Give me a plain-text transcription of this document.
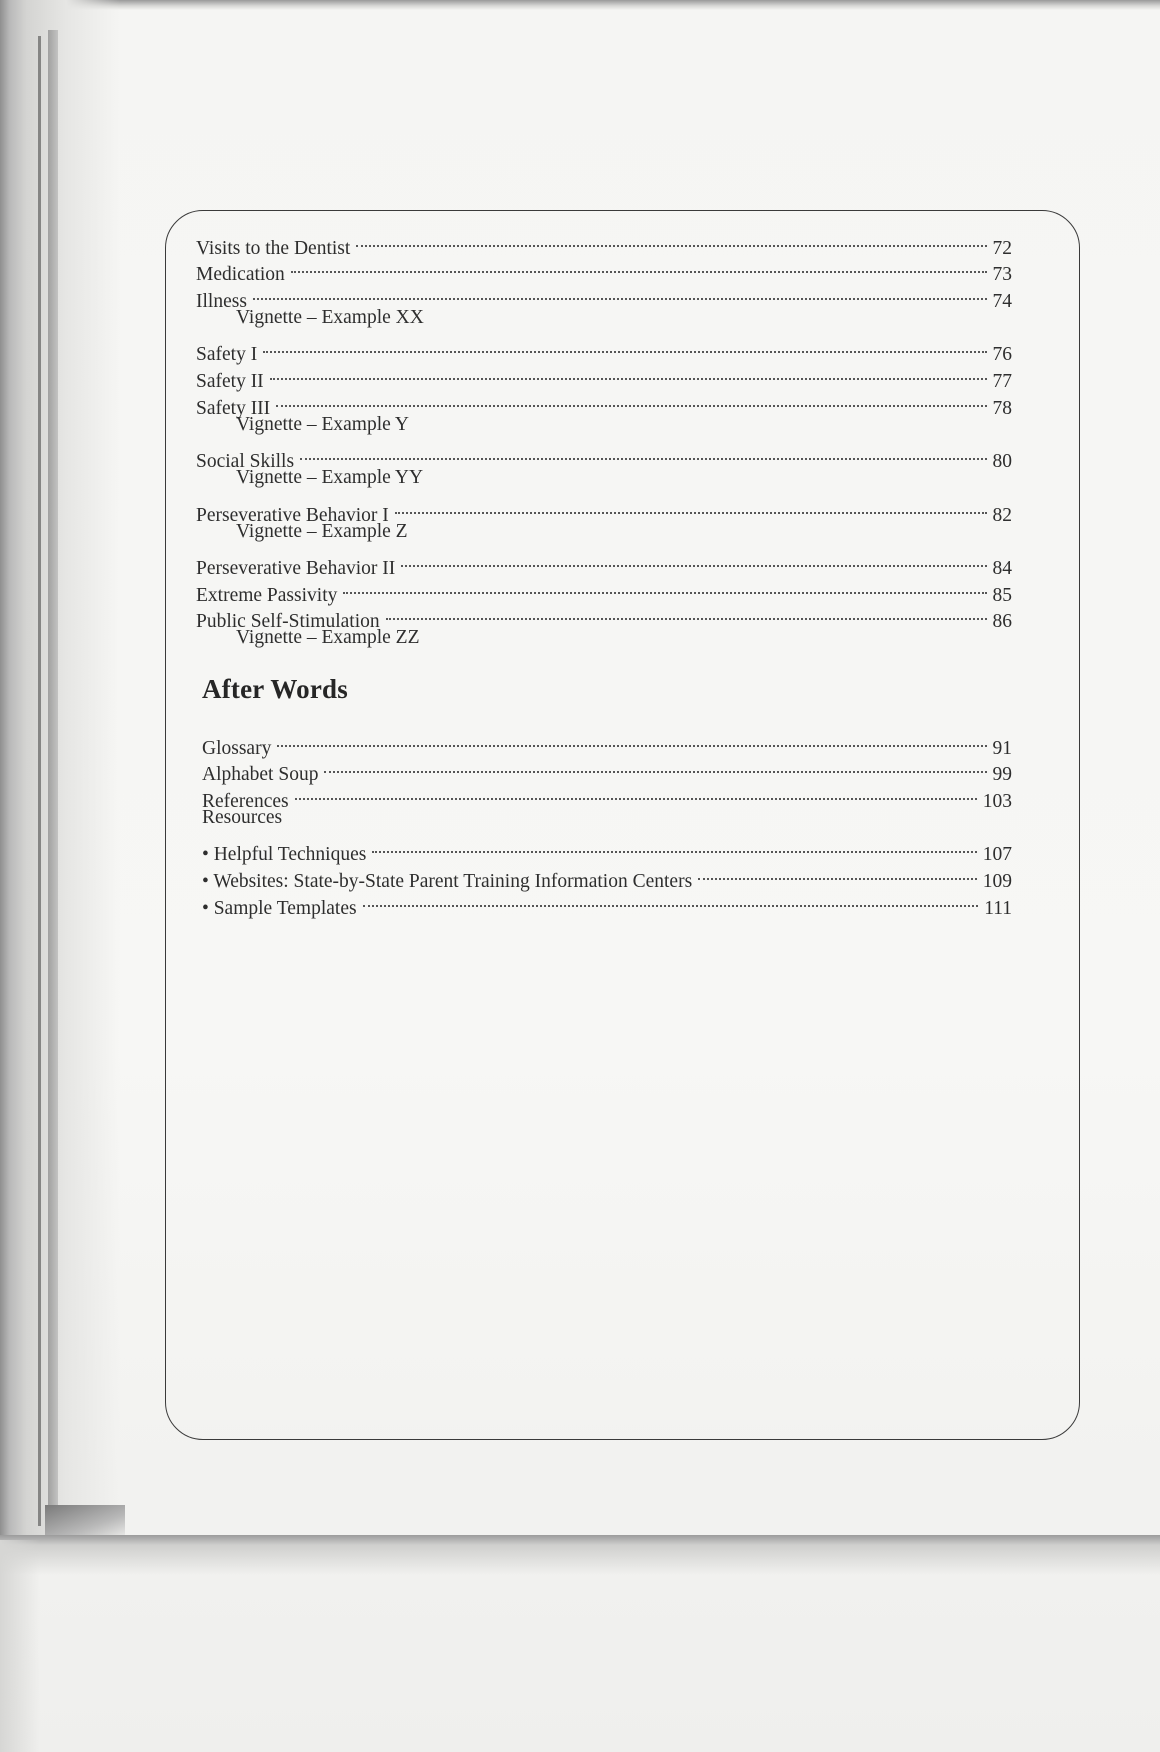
Visits to the Dentist	72
Medication	73
Illness	74
Vignette – Example XX
Safety I	76
Safety II	77
Safety III	78
Vignette – Example Y
Social Skills	80
Vignette – Example YY
Perseverative Behavior I	82
Vignette – Example Z
Perseverative Behavior II	84
Extreme Passivity	85
Public Self-Stimulation	86
Vignette – Example ZZ
After Words
Glossary	91
Alphabet Soup	99
References	103
Resources
• Helpful Techniques	107
• Websites: State-by-State Parent Training Information Centers	109
• Sample Templates	111
